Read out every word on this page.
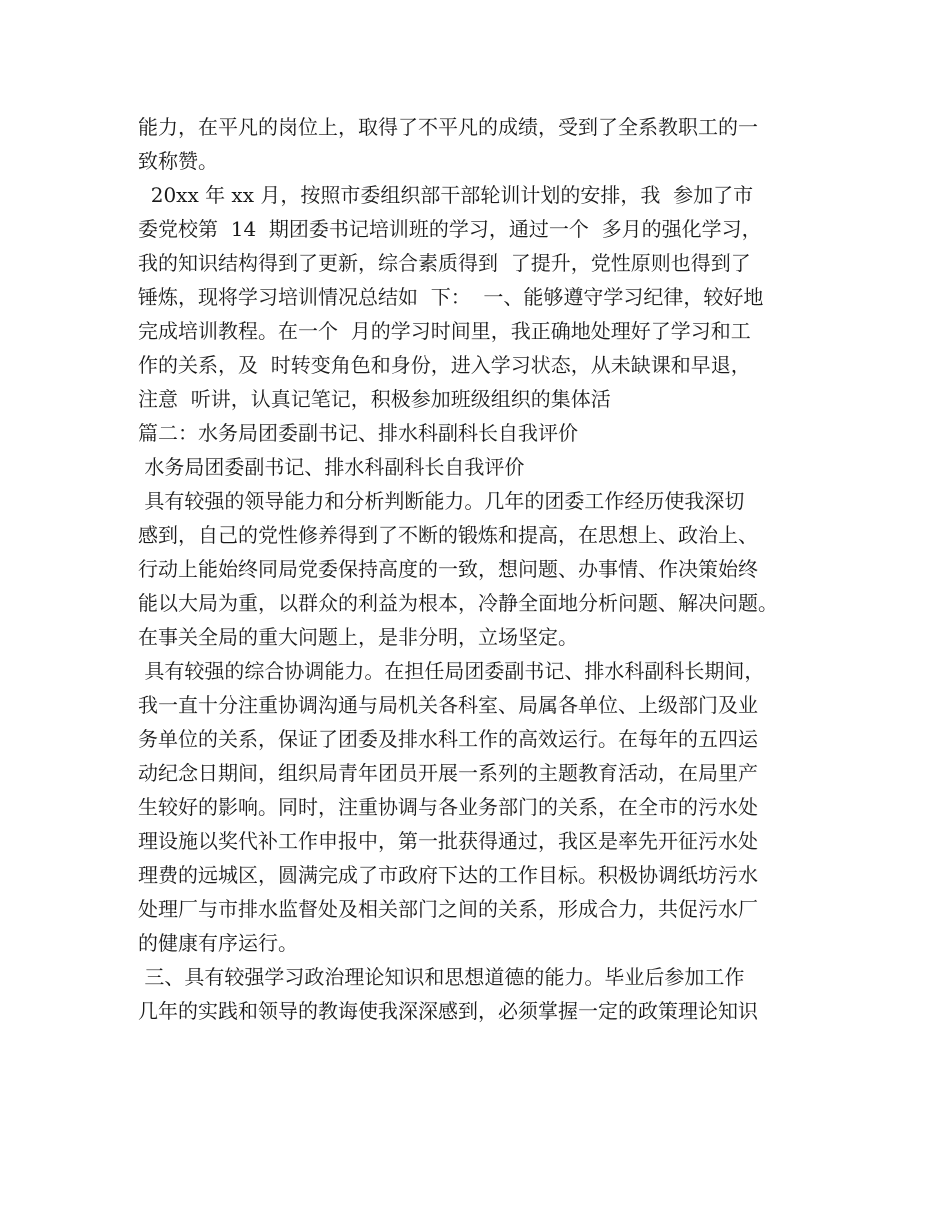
能力，在平凡的岗位上，取得了不平凡的成绩，受到了全系教职工的一
致称赞。
20xx 年 xx 月，按照市委组织部干部轮训计划的安排，我  参加了市
委党校第  14  期团委书记培训班的学习，通过一个  多月的强化学习，
我的知识结构得到了更新，综合素质得到  了提升，党性原则也得到了
锤炼，现将学习培训情况总结如  下：  一、能够遵守学习纪律，较好地
完成培训教程。在一个  月的学习时间里，我正确地处理好了学习和工
作的关系，及  时转变角色和身份，进入学习状态，从未缺课和早退，
注意  听讲，认真记笔记，积极参加班级组织的集体活
篇二：水务局团委副书记、排水科副科长自我评价
水务局团委副书记、排水科副科长自我评价
具有较强的领导能力和分析判断能力。几年的团委工作经历使我深切
感到，自己的党性修养得到了不断的锻炼和提高，在思想上、政治上、
行动上能始终同局党委保持高度的一致，想问题、办事情、作决策始终
能以大局为重，以群众的利益为根本，冷静全面地分析问题、解决问题。
在事关全局的重大问题上，是非分明，立场坚定。
具有较强的综合协调能力。在担任局团委副书记、排水科副科长期间，
我一直十分注重协调沟通与局机关各科室、局属各单位、上级部门及业
务单位的关系，保证了团委及排水科工作的高效运行。在每年的五四运
动纪念日期间，组织局青年团员开展一系列的主题教育活动，在局里产
生较好的影响。同时，注重协调与各业务部门的关系，在全市的污水处
理设施以奖代补工作申报中，第一批获得通过，我区是率先开征污水处
理费的远城区，圆满完成了市政府下达的工作目标。积极协调纸坊污水
处理厂与市排水监督处及相关部门之间的关系，形成合力，共促污水厂
的健康有序运行。
三、具有较强学习政治理论知识和思想道德的能力。毕业后参加工作
几年的实践和领导的教诲使我深深感到，必须掌握一定的政策理论知识
